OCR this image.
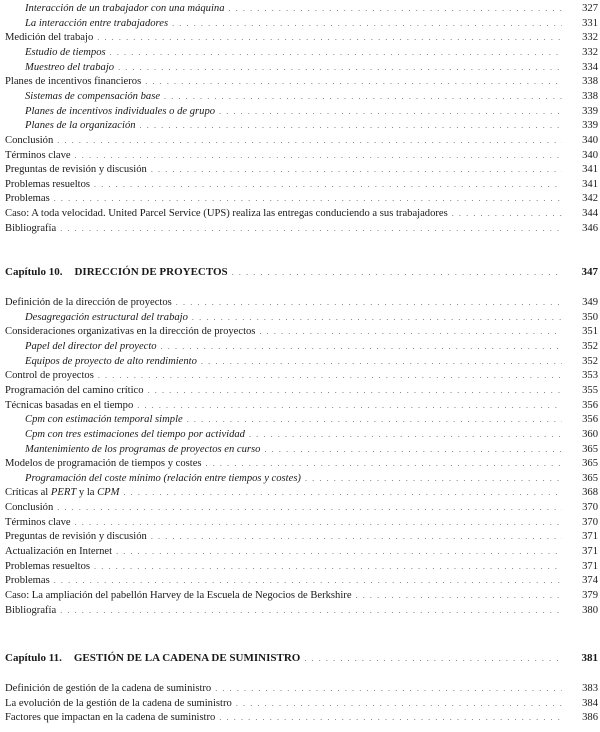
Interacción de un trabajador con una máquina . . .	327
La interacción entre trabajadores . . .	331
Medición del trabajo . . .	332
Estudio de tiempos . . .	332
Muestreo del trabajo . . .	334
Planes de incentivos financieros . . .	338
Sistemas de compensación base . . .	338
Planes de incentivos individuales o de grupo . . .	339
Planes de la organización . . .	339
Conclusión . . .	340
Términos clave . . .	340
Preguntas de revisión y discusión . . .	341
Problemas resueltos . . .	341
Problemas . . .	342
Caso: A toda velocidad. United Parcel Service (UPS) realiza las entregas conduciendo a sus trabajadores . . .	344
Bibliografía . . .	346
Capítulo 10. DIRECCIÓN DE PROYECTOS . . .	347
Definición de la dirección de proyectos . . .	349
Desagregación estructural del trabajo . . .	350
Consideraciones organizativas en la dirección de proyectos . . .	351
Papel del director del proyecto . . .	352
Equipos de proyecto de alto rendimiento . . .	352
Control de proyectos . . .	353
Programación del camino crítico . . .	355
Técnicas basadas en el tiempo . . .	356
Cpm con estimación temporal simple . . .	356
Cpm con tres estimaciones del tiempo por actividad . . .	360
Mantenimiento de los programas de proyectos en curso . . .	365
Modelos de programación de tiempos y costes . . .	365
Programación del coste mínimo (relación entre tiempos y costes) . . .	365
Críticas al PERT y la CPM . . .	368
Conclusión . . .	370
Términos clave . . .	370
Preguntas de revisión y discusión . . .	371
Actualización en Internet . . .	371
Problemas resueltos . . .	371
Problemas . . .	374
Caso: La ampliación del pabellón Harvey de la Escuela de Negocios de Berkshire . . .	379
Bibliografía . . .	380
Capítulo 11. GESTIÓN DE LA CADENA DE SUMINISTRO . . .	381
Definición de gestión de la cadena de suministro . . .	383
La evolución de la gestión de la cadena de suministro . . .	384
Factores que impactan en la cadena de suministro . . .	386
